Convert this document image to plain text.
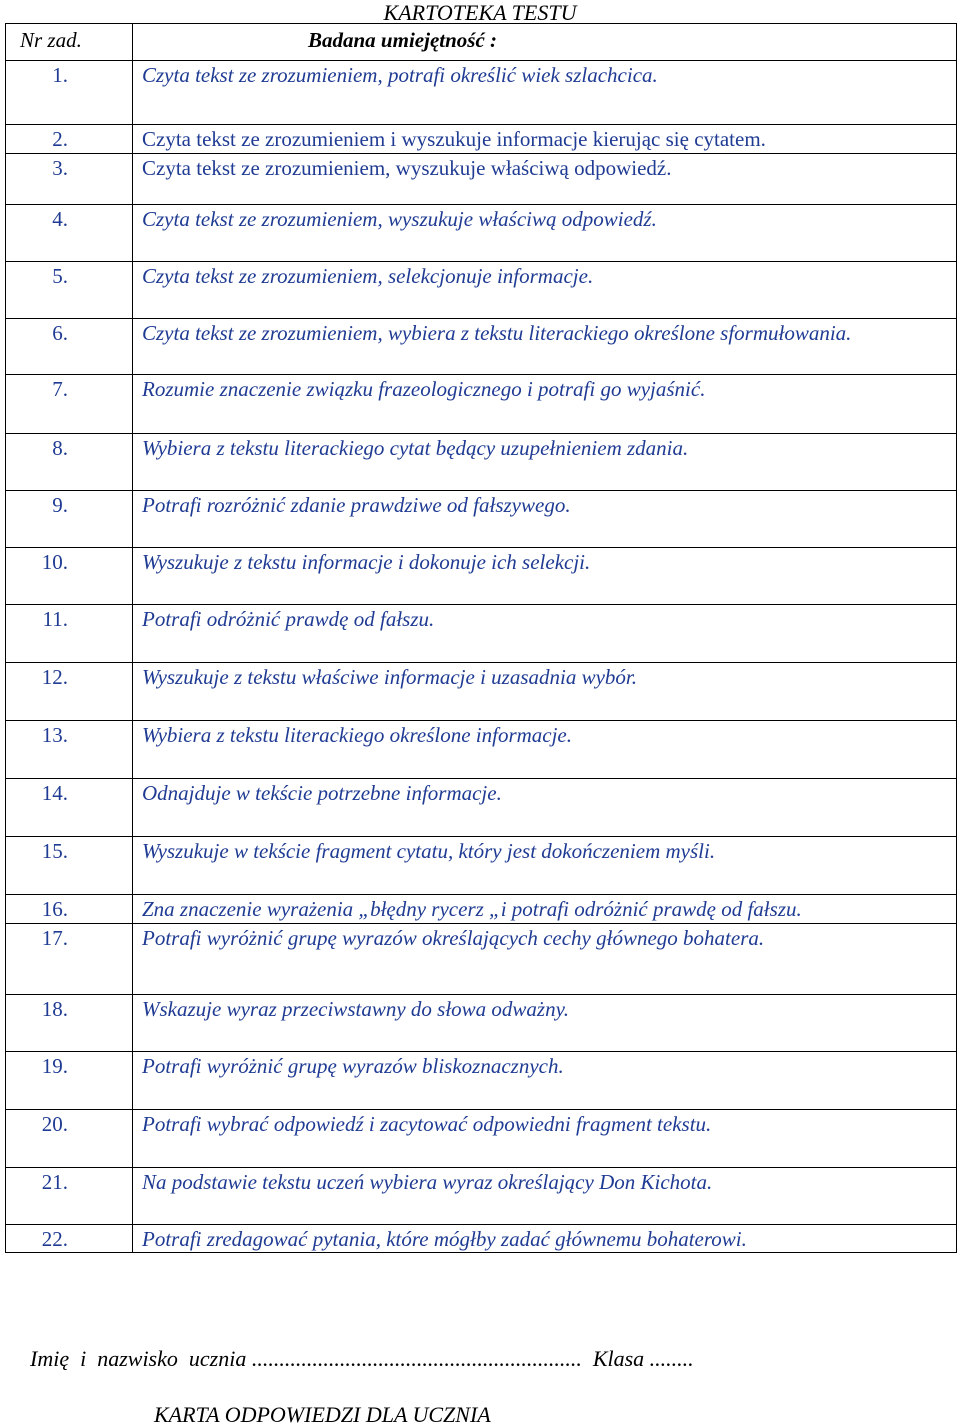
KARTOTEKA TESTU
Nr zad.	Badana umiejętność :
1.	Czyta tekst ze zrozumieniem, potrafi określić wiek szlachcica.
2.	Czyta tekst ze zrozumieniem i wyszukuje informacje kierując się cytatem.
3.	Czyta tekst ze zrozumieniem, wyszukuje właściwą odpowiedź.
4.	Czyta tekst ze zrozumieniem, wyszukuje właściwą odpowiedź.
5.	Czyta tekst ze zrozumieniem, selekcjonuje informacje.
6.	Czyta tekst ze zrozumieniem, wybiera z tekstu literackiego określone sformułowania.
7.	Rozumie znaczenie związku frazeologicznego i potrafi go wyjaśnić.
8.	Wybiera z tekstu literackiego cytat będący uzupełnieniem zdania.
9.	Potrafi rozróżnić zdanie prawdziwe od fałszywego.
10.	Wyszukuje z tekstu informacje i dokonuje ich selekcji.
11.	Potrafi odróżnić prawdę od fałszu.
12.	Wyszukuje z tekstu właściwe informacje i uzasadnia wybór.
13.	Wybiera z tekstu literackiego określone informacje.
14.	Odnajduje w tekście potrzebne informacje.
15.	Wyszukuje w tekście fragment cytatu, który jest dokończeniem myśli.
16.	Zna znaczenie wyrażenia „błędny rycerz „i potrafi odróżnić prawdę od fałszu.
17.	Potrafi wyróżnić grupę wyrazów określających cechy głównego bohatera.
18.	Wskazuje wyraz przeciwstawny do słowa odważny.
19.	Potrafi wyróżnić grupę wyrazów bliskoznacznych.
20.	Potrafi wybrać odpowiedź i zacytować odpowiedni fragment tekstu.
21.	Na podstawie tekstu uczeń wybiera wyraz określający Don Kichota.
22.	Potrafi zredagować pytania, które mógłby zadać głównemu bohaterowi.
Imię  i  nazwisko  ucznia ............................................................  Klasa ........
KARTA ODPOWIEDZI DLA UCZNIA
